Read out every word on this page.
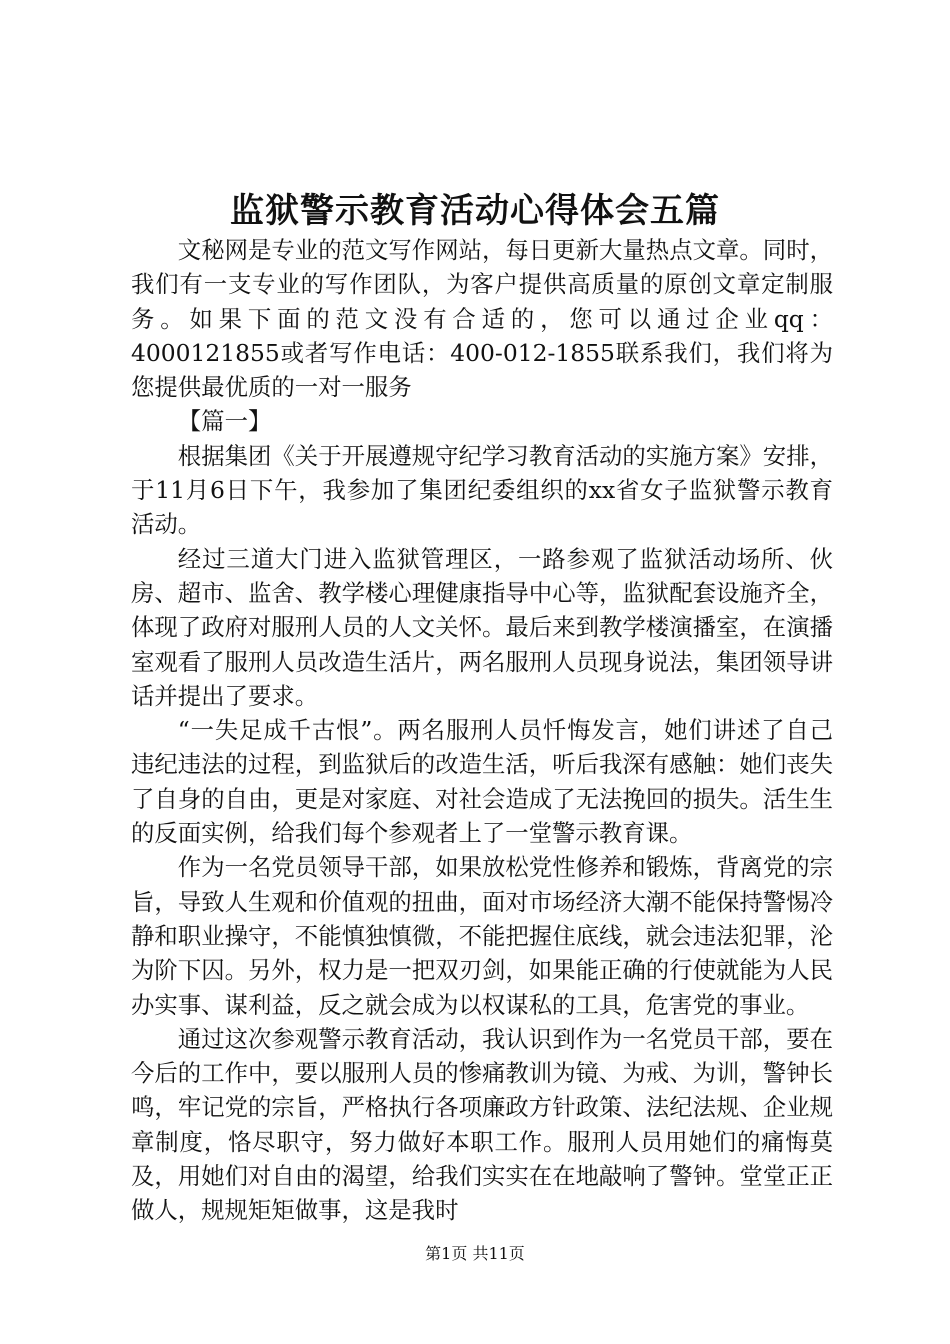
监狱警示教育活动心得体会五篇

文秘网是专业的范文写作网站，每日更新大量热点文章。同时，我们有一支专业的写作团队，为客户提供高质量的原创文章定制服务。如果下面的范文没有合适的，您可以通过企业qq：4000121855或者写作电话：400-012-1855联系我们，我们将为您提供最优质的一对一服务

【篇一】

根据集团《关于开展遵规守纪学习教育活动的实施方案》安排，于11月6日下午，我参加了集团纪委组织的xx省女子监狱警示教育活动。

经过三道大门进入监狱管理区，一路参观了监狱活动场所、伙房、超市、监舍、教学楼心理健康指导中心等，监狱配套设施齐全，体现了政府对服刑人员的人文关怀。最后来到教学楼演播室，在演播室观看了服刑人员改造生活片，两名服刑人员现身说法，集团领导讲话并提出了要求。

“一失足成千古恨”。两名服刑人员忏悔发言，她们讲述了自己违纪违法的过程，到监狱后的改造生活，听后我深有感触：她们丧失了自身的自由，更是对家庭、对社会造成了无法挽回的损失。活生生的反面实例，给我们每个参观者上了一堂警示教育课。

作为一名党员领导干部，如果放松党性修养和锻炼，背离党的宗旨，导致人生观和价值观的扭曲，面对市场经济大潮不能保持警惕冷静和职业操守，不能慎独慎微，不能把握住底线，就会违法犯罪，沦为阶下囚。另外，权力是一把双刃剑，如果能正确的行使就能为人民办实事、谋利益，反之就会成为以权谋私的工具，危害党的事业。

通过这次参观警示教育活动，我认识到作为一名党员干部，要在今后的工作中，要以服刑人员的惨痛教训为镜、为戒、为训，警钟长鸣，牢记党的宗旨，严格执行各项廉政方针政策、法纪法规、企业规章制度，恪尽职守，努力做好本职工作。服刑人员用她们的痛悔莫及，用她们对自由的渴望，给我们实实在在地敲响了警钟。堂堂正正做人，规规矩矩做事，这是我时

第1页 共11页
